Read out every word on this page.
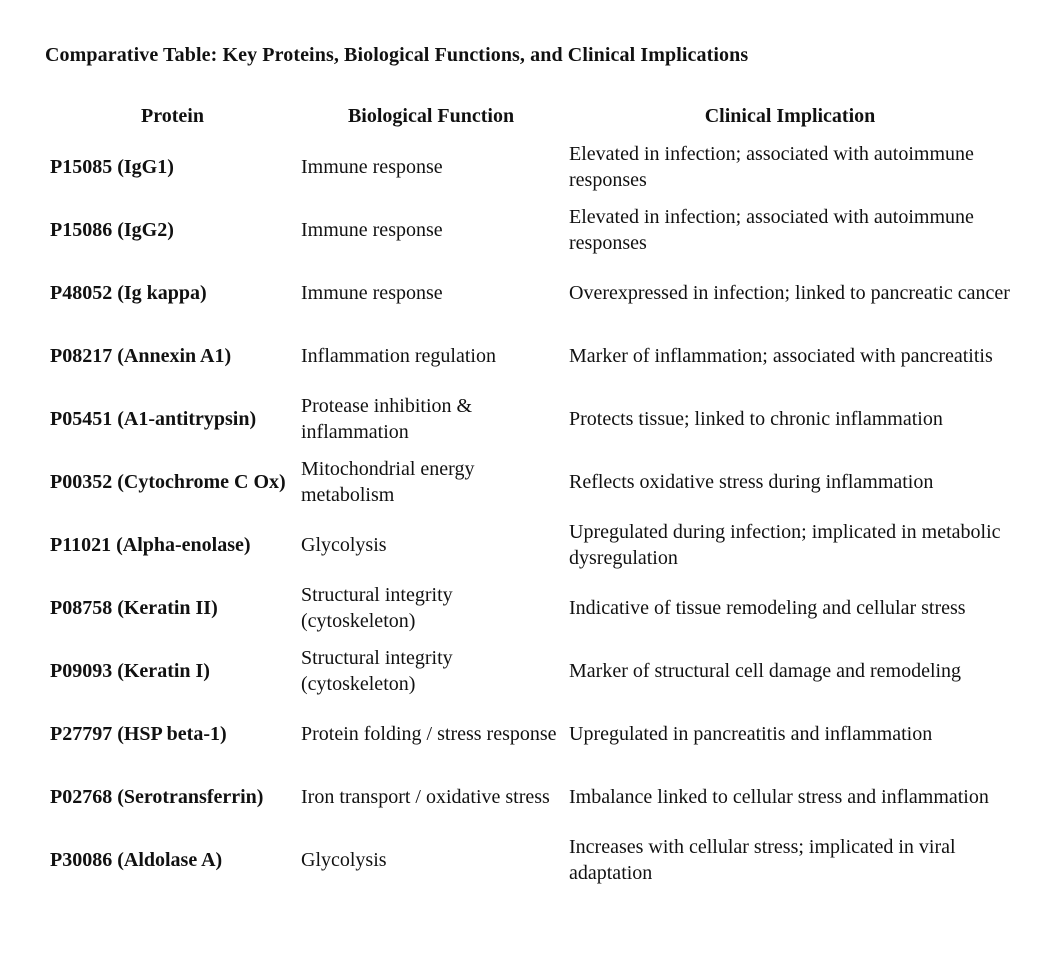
Comparative Table: Key Proteins, Biological Functions, and Clinical Implications
Protein	Biological Function	Clinical Implication
P15085 (IgG1)	Immune response	Elevated in infection; associated with autoimmune responses
P15086 (IgG2)	Immune response	Elevated in infection; associated with autoimmune responses
P48052 (Ig kappa)	Immune response	Overexpressed in infection; linked to pancreatic cancer
P08217 (Annexin A1)	Inflammation regulation	Marker of inflammation; associated with pancreatitis
P05451 (A1-antitrypsin)	Protease inhibition & inflammation	Protects tissue; linked to chronic inflammation
P00352 (Cytochrome C Ox)	Mitochondrial energy metabolism	Reflects oxidative stress during inflammation
P11021 (Alpha-enolase)	Glycolysis	Upregulated during infection; implicated in metabolic dysregulation
P08758 (Keratin II)	Structural integrity (cytoskeleton)	Indicative of tissue remodeling and cellular stress
P09093 (Keratin I)	Structural integrity (cytoskeleton)	Marker of structural cell damage and remodeling
P27797 (HSP beta-1)	Protein folding / stress response	Upregulated in pancreatitis and inflammation
P02768 (Serotransferrin)	Iron transport / oxidative stress	Imbalance linked to cellular stress and inflammation
P30086 (Aldolase A)	Glycolysis	Increases with cellular stress; implicated in viral adaptation
